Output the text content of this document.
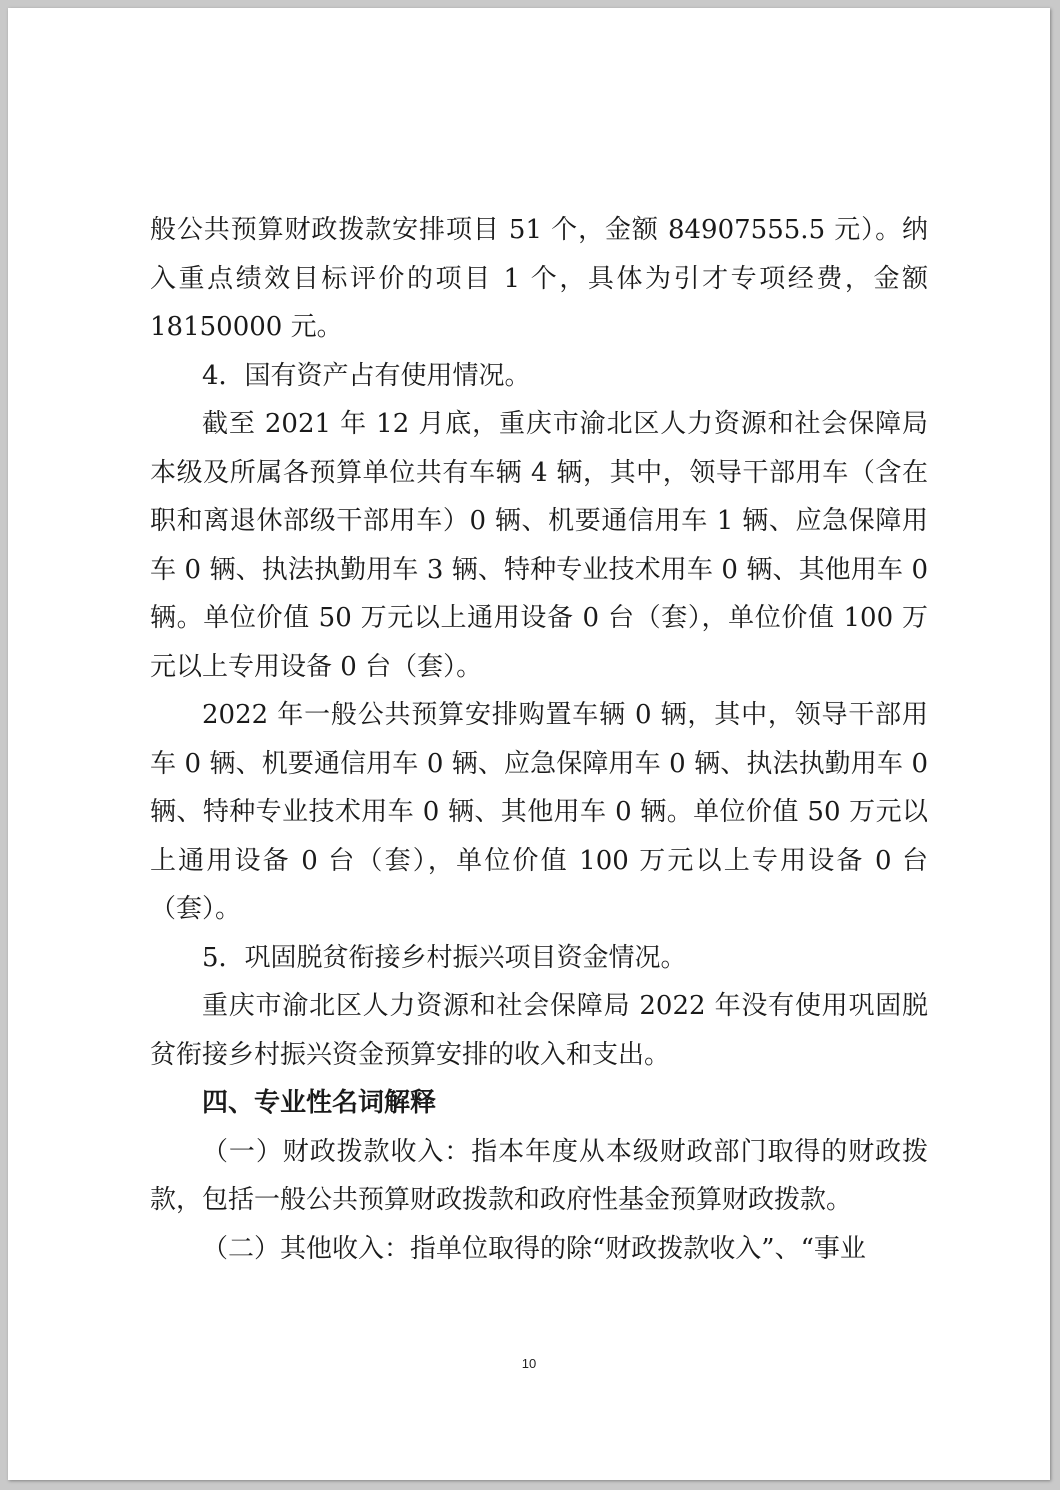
般公共预算财政拨款安排项目 51 个，金额 84907555.5 元）。纳入重点绩效目标评价的项目 1 个，具体为引才专项经费，金额 18150000 元。

4．国有资产占有使用情况。

截至 2021 年 12 月底，重庆市渝北区人力资源和社会保障局本级及所属各预算单位共有车辆 4 辆，其中，领导干部用车（含在职和离退休部级干部用车）0 辆、机要通信用车 1 辆、应急保障用车 0 辆、执法执勤用车 3 辆、特种专业技术用车 0 辆、其他用车 0 辆。单位价值 50 万元以上通用设备 0 台（套），单位价值 100 万元以上专用设备 0 台（套）。

2022 年一般公共预算安排购置车辆 0 辆，其中，领导干部用车 0 辆、机要通信用车 0 辆、应急保障用车 0 辆、执法执勤用车 0 辆、特种专业技术用车 0 辆、其他用车 0 辆。单位价值 50 万元以上通用设备 0 台（套），单位价值 100 万元以上专用设备 0 台（套）。

5．巩固脱贫衔接乡村振兴项目资金情况。

重庆市渝北区人力资源和社会保障局 2022 年没有使用巩固脱贫衔接乡村振兴资金预算安排的收入和支出。

四、专业性名词解释

（一）财政拨款收入：指本年度从本级财政部门取得的财政拨款，包括一般公共预算财政拨款和政府性基金预算财政拨款。

（二）其他收入：指单位取得的除“财政拨款收入”、“事业

10
